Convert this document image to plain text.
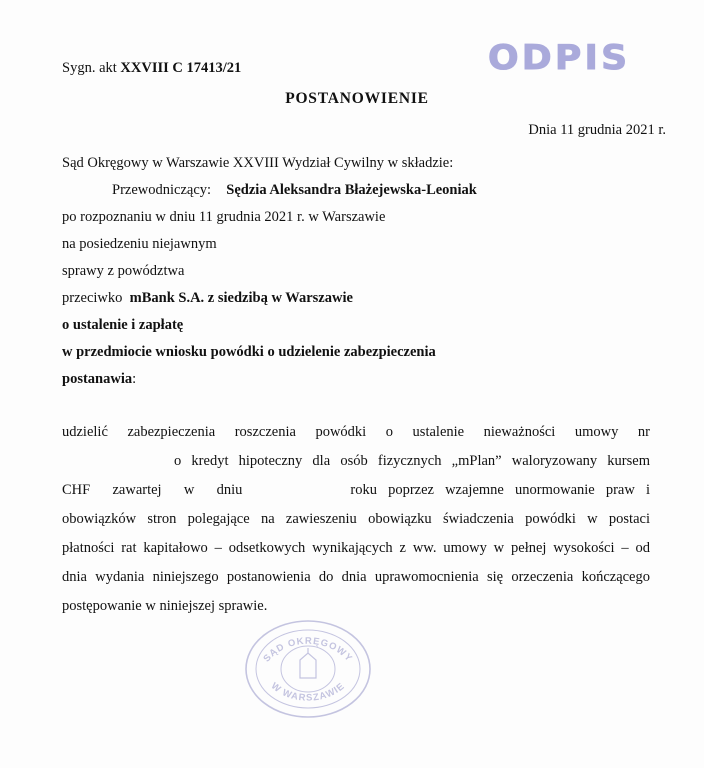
ODPIS
Sygn. akt XXVIII C 17413/21
POSTANOWIENIE
Dnia 11 grudnia 2021 r.
Sąd Okręgowy w Warszawie XXVIII Wydział Cywilny w składzie:
Przewodniczący: Sędzia Aleksandra Błażejewska-Leoniak
po rozpoznaniu w dniu 11 grudnia 2021 r. w Warszawie
na posiedzeniu niejawnym
sprawy z powództwa
przeciwko mBank S.A. z siedzibą w Warszawie
o ustalenie i zapłatę
w przedmiocie wniosku powódki o udzielenie zabezpieczenia
postanawia:
udzielić  zabezpieczenia  roszczenia  powódki  o  ustalenie  nieważności  umowy  nr
o kredyt hipoteczny dla osób fizycznych „mPlan” waloryzowany kursem
CHF  zawartej  w  dniu	roku poprzez wzajemne unormowanie praw i
obowiązków  stron  polegające  na  zawieszeniu  obowiązku  świadczenia  powódki  w  postaci
płatności rat kapitałowo – odsetkowych wynikających z ww. umowy w pełnej wysokości – od
dnia wydania niniejszego postanowienia do dnia uprawomocnienia się orzeczenia kończącego
postępowanie w niniejszej sprawie.
SĄD OKRĘGOWY
W WARSZAWIE
